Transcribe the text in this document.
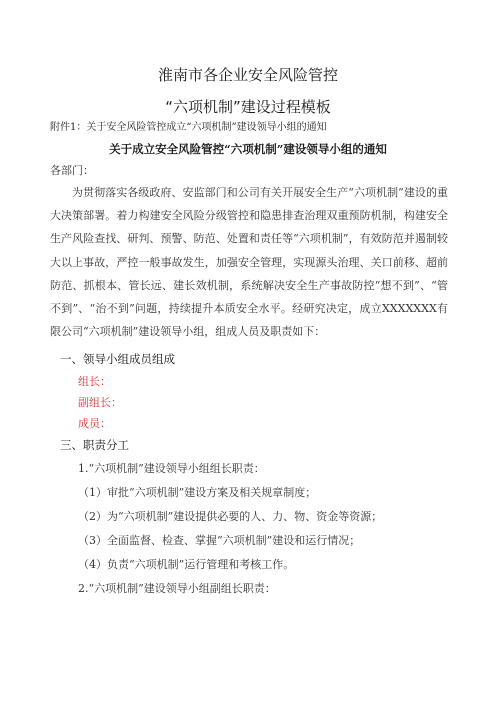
淮南市各企业安全风险管控
“六项机制”建设过程模板
附件1：关于安全风险管控成立“六项机制”建设领导小组的通知
关于成立安全风险管控“六项机制”建设领导小组的通知
各部门：
为贯彻落实各级政府、安监部门和公司有关开展安全生产“六项机制”建设的重大决策部署。着力构建安全风险分级管控和隐患排查治理双重预防机制，构建安全生产风险查找、研判、预警、防范、处置和责任等“六项机制”，有效防范并遏制较大以上事故，严控一般事故发生，加强安全管理，实现源头治理、关口前移、超前防范、抓根本、管长远、建长效机制，系统解决安全生产事故防控“想不到”、“管不到”、“治不到”问题，持续提升本质安全水平。经研究决定，成立XXXXXXX有限公司“六项机制”建设领导小组，组成人员及职责如下：
一、领导小组成员组成
组长：
副组长：
成员：
三、职责分工
1.“六项机制”建设领导小组组长职责：
（1）审批“六项机制”建设方案及相关规章制度；
（2）为“六项机制”建设提供必要的人、力、物、资金等资源；
（3）全面监督、检查、掌握“六项机制”建设和运行情况；
（4）负责“六项机制”运行管理和考核工作。
2.“六项机制”建设领导小组副组长职责：
